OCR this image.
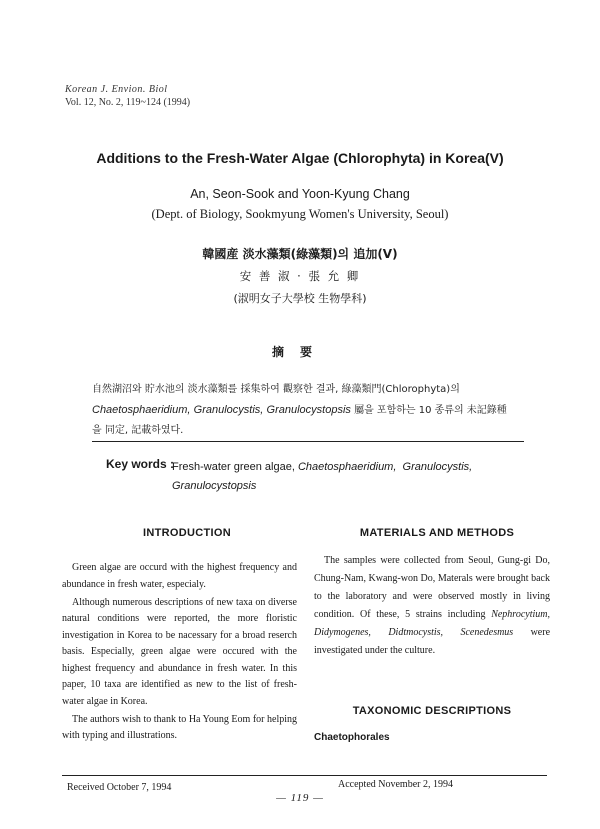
Korean J. Envion. Biol
Vol. 12, No. 2, 119~124 (1994)
Additions to the Fresh-Water Algae (Chlorophyta) in Korea(V)
An, Seon-Sook and Yoon-Kyung Chang
(Dept. of Biology, Sookmyung Women's University, Seoul)
韓國産 淡水藻類(綠藻類)의 追加(V)
安 善 淑 · 張 允 卿
(淑明女子大學校 生物學科)
摘要
自然湖沼와 貯水池의 淡水藻類를 採集하여 觀察한 결과, 綠藻類門(Chlorophyta)의
Chaetosphaeridium, Granulocystis, Granulocystopsis 屬을 포함하는 10 종류의 未記錄種
을 同定, 記載하였다.
Key words :
Fresh-water green algae, Chaetosphaeridium, Granulocystis,
Granulocystopsis
INTRODUCTION	MATERIALS AND METHODS

Green algae are occurd with the highest frequency and abundance in fresh water, especialy.

Although numerous descriptions of new taxa on diverse natural conditions were reported, the more floristic investigation in Korea to be nacessary for a broad reserch basis. Especially, green algae were occured with the highest frequency and abundance in fresh water. In this paper, 10 taxa are identified as new to the list of fresh-water algae in Korea.

The authors wish to thank to Ha Young Eom for helping with typing and illustrations.

The samples were collected from Seoul, Gung-gi Do, Chung-Nam, Kwang-won Do, Materals were brought back to the laboratory and were observed mostly in living condition. Of these, 5 strains including Nephrocytium, Didymogenes, Didtmocystis, Scenedesmus were investigated under the culture.

TAXONOMIC DESCRIPTIONS
Chaetophorales
Received October 7, 1994	Accepted November 2, 1994
— 119 —
